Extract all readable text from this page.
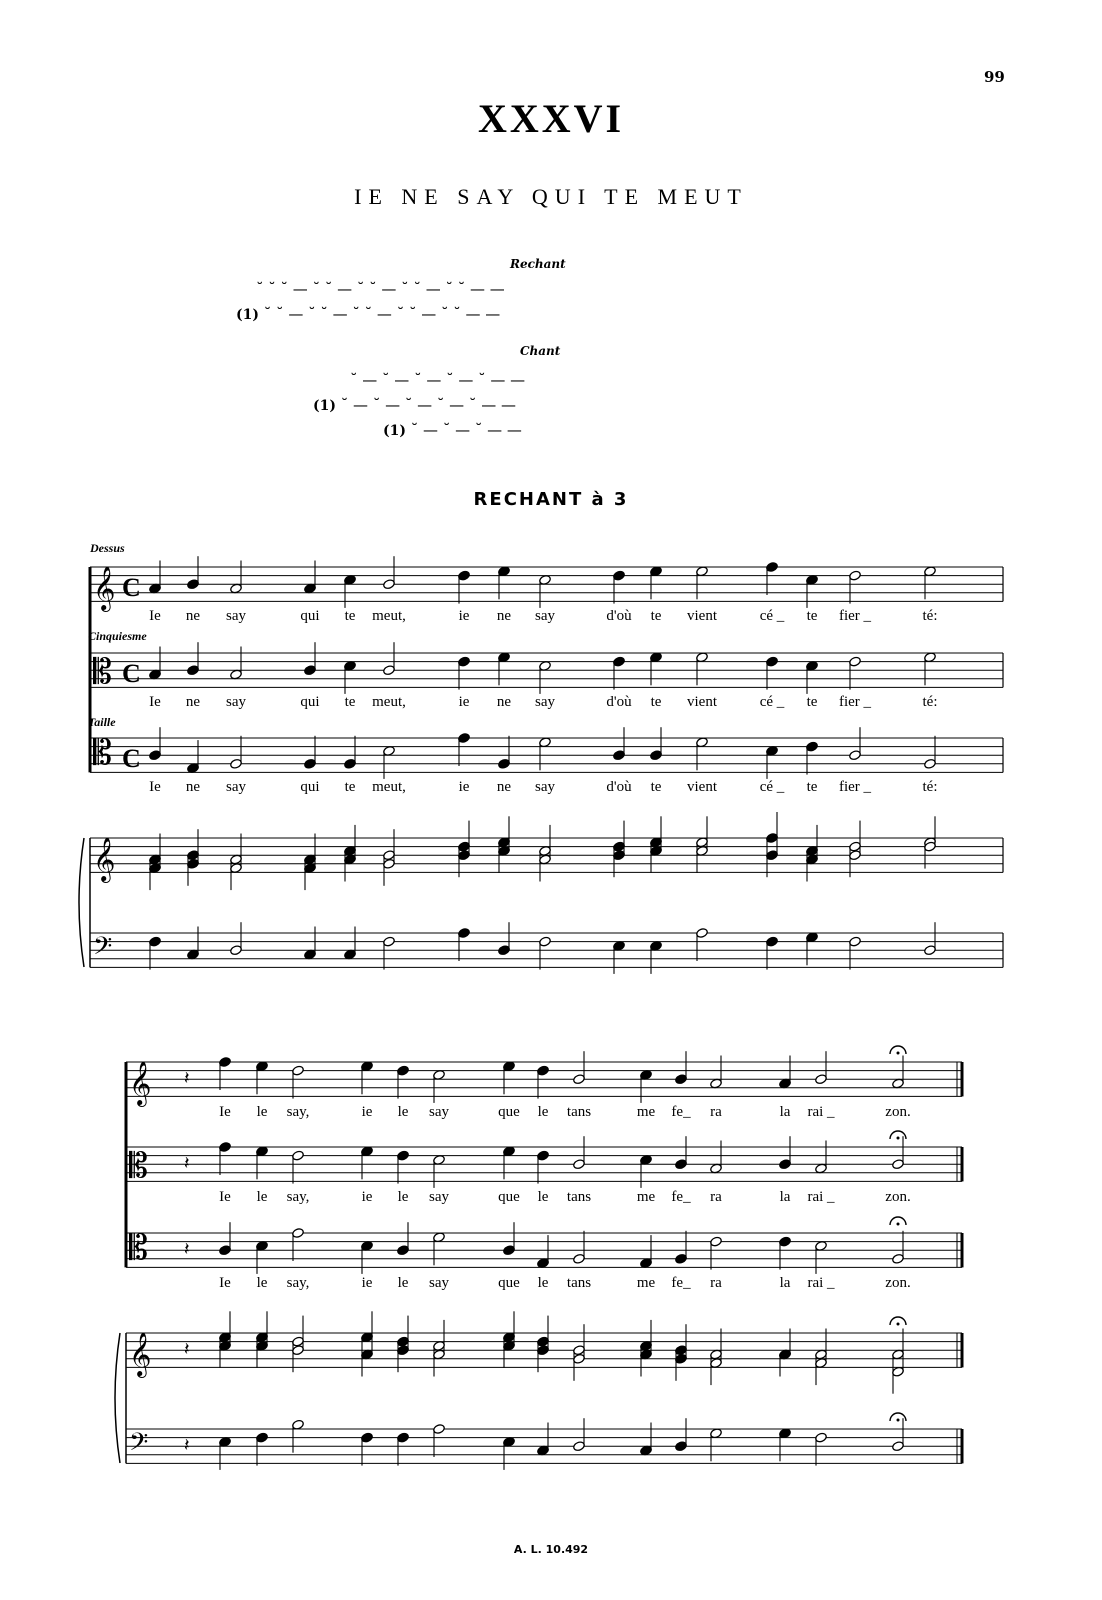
99
XXXVI
IE NE SAY QUI TE MEUT
Rechant
˘ ˘ ˘ — ˘ ˘ — ˘ ˘ — ˘ ˘ — ˘ ˘ — —
(1) ˘ ˘ — ˘ ˘ — ˘ ˘ — ˘ ˘ — ˘ ˘ — —
Chant
˘ — ˘ — ˘ — ˘ — ˘ — —
(1) ˘ — ˘ — ˘ — ˘ — ˘ — —
(1) ˘ — ˘ — ˘ — —
RECHANT à 3
𝄞
𝄡
𝄡
𝄞
𝄢
C
C
C
𝄞
𝄡
𝄡
𝄞
𝄢
𝄽
𝄽
𝄽
𝄽
𝄽
Ie ne say	qui te meut,	ie ne say	d'où te vient	cé _ te fier _	té:
Ie ne say	qui te meut,	ie ne say	d'où te vient	cé _ te fier _	té:
Ie ne say	qui te meut,	ie ne say	d'où te vient	cé _ te fier _	té:
Ie le say,	ie le say	que le tans	me fe_ ra	la rai _	zon.
Ie le say,	ie le say	que le tans	me fe_ ra	la rai _	zon.
Ie le say,	ie le say	que le tans	me fe_ ra	la rai _	zon.
Dessus
Cinquiesme
Taille
A. L. 10.492
